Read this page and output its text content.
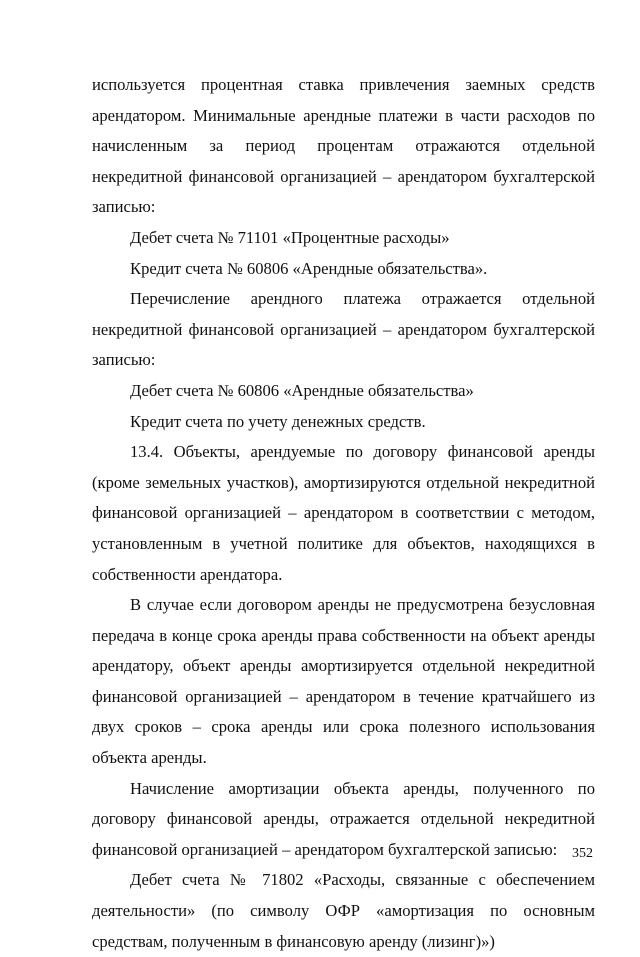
используется процентная ставка привлечения заемных средств арендатором. Минимальные арендные платежи в части расходов по начисленным за период процентам отражаются отдельной некредитной финансовой организацией – арендатором бухгалтерской записью:

Дебет счета № 71101 «Процентные расходы»

Кредит счета № 60806 «Арендные обязательства».

Перечисление арендного платежа отражается отдельной некредитной финансовой организацией – арендатором бухгалтерской записью:

Дебет счета № 60806 «Арендные обязательства»

Кредит счета по учету денежных средств.

13.4. Объекты, арендуемые по договору финансовой аренды (кроме земельных участков), амортизируются отдельной некредитной финансовой организацией – арендатором в соответствии с методом, установленным в учетной политике для объектов, находящихся в собственности арендатора.

В случае если договором аренды не предусмотрена безусловная передача в конце срока аренды права собственности на объект аренды арендатору, объект аренды амортизируется отдельной некредитной финансовой организацией – арендатором в течение кратчайшего из двух сроков – срока аренды или срока полезного использования объекта аренды.

Начисление амортизации объекта аренды, полученного по договору финансовой аренды, отражается отдельной некредитной финансовой организацией – арендатором бухгалтерской записью:

Дебет счета № 71802 «Расходы, связанные с обеспечением деятельности» (по символу ОФР «амортизация по основным средствам, полученным в финансовую аренду (лизинг)»)

352
